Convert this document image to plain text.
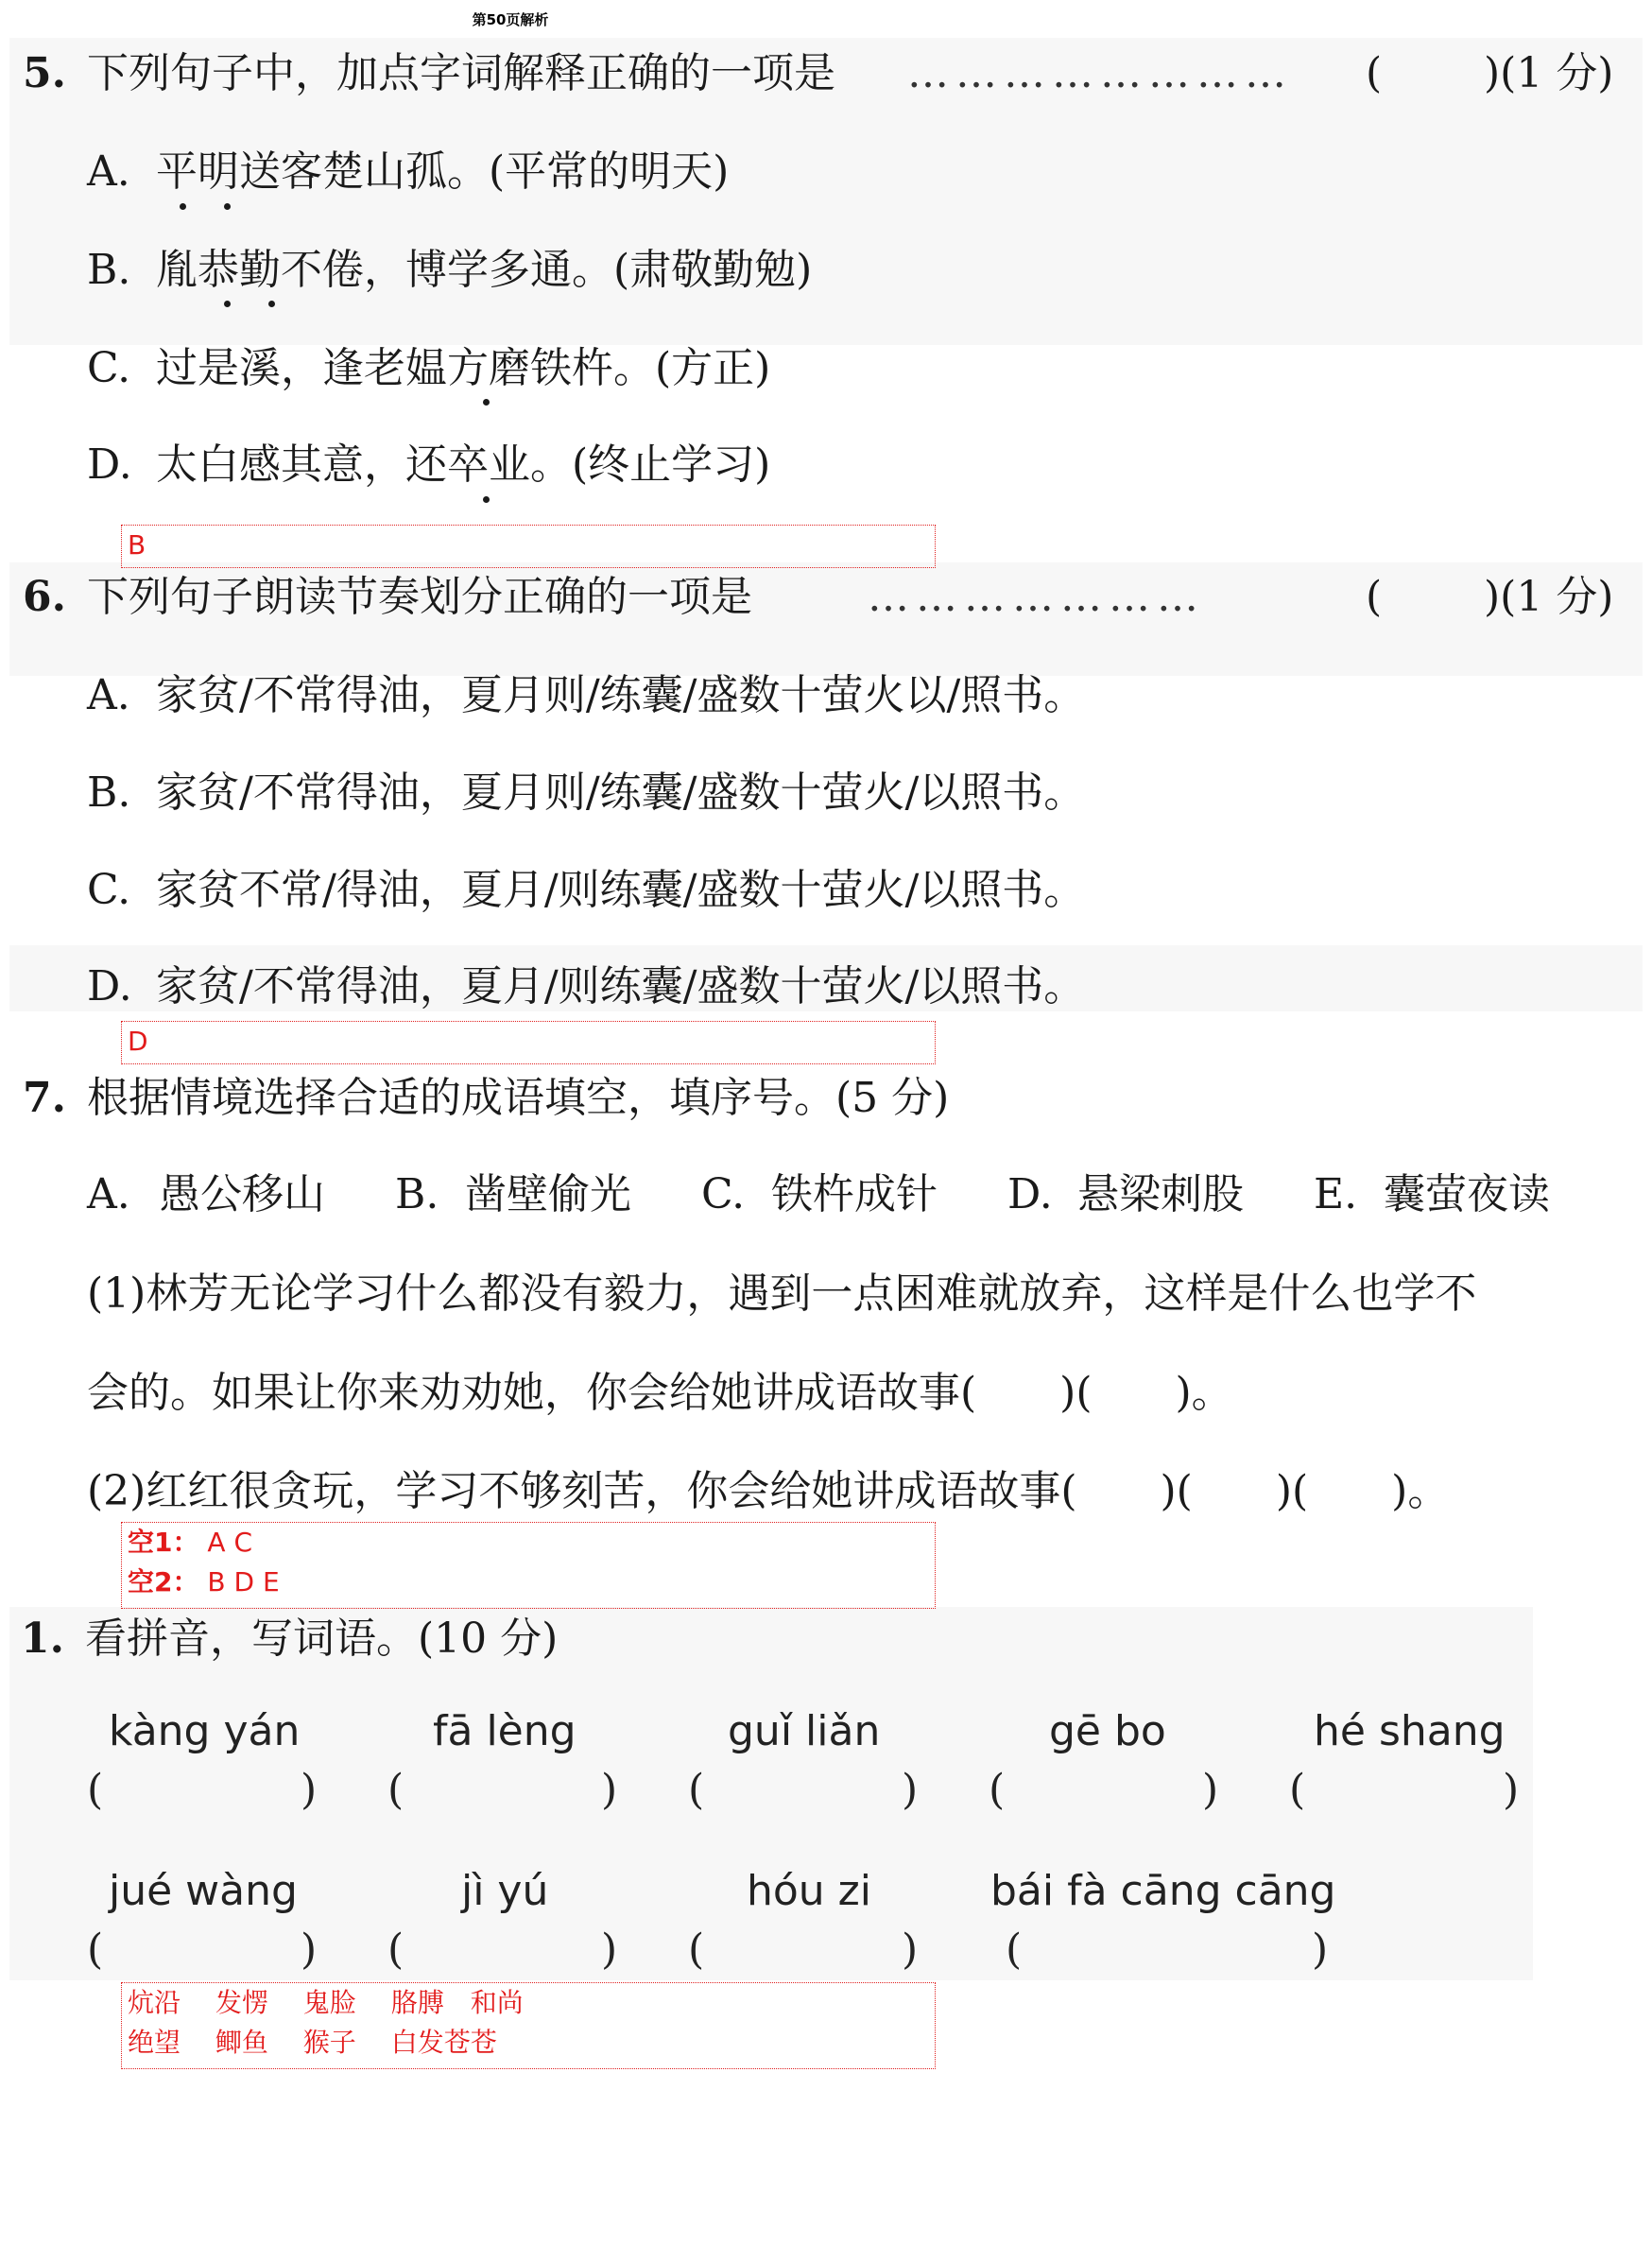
第50页解析
5. 下列句子中，加点字词解释正确的一项是 ……………………	( )(1 分)
A. 平明送客楚山孤。(平常的明天)
B. 胤恭勤不倦，博学多通。(肃敬勤勉)
C. 过是溪，逢老媪方磨铁杵。(方正)
D. 太白感其意，还卒业。(终止学习)
B
6. 下列句子朗读节奏划分正确的一项是	…………………	( )(1 分)
A. 家贫/不常得油，夏月则/练囊/盛数十萤火以/照书。
B. 家贫/不常得油，夏月则/练囊/盛数十萤火/以照书。
C. 家贫不常/得油，夏月/则练囊/盛数十萤火/以照书。
D. 家贫/不常得油，夏月/则练囊/盛数十萤火/以照书。
D
7. 根据情境选择合适的成语填空，填序号。(5 分)
A. 愚公移山 B. 凿壁偷光 C. 铁杵成针 D. 悬梁刺股 E. 囊萤夜读
(1)林芳无论学习什么都没有毅力，遇到一点困难就放弃，这样是什么也学不
会的。如果让你来劝劝她，你会给她讲成语故事(　　)(　　)。
(2)红红很贪玩，学习不够刻苦，你会给她讲成语故事(　　)(　　)(　　)。
空1： A C
空2： B D E
1. 看拼音，写词语。(10 分)
kàng yán	fā lèng	guǐ liǎn	gē bo	hé shang
(	) (	) (	) (	) (	)
jué wàng	jì yú	hóu zi	bái fà cāng cāng
(	) (	) (	) (	)
炕沿　 发愣　 鬼脸　 胳膊　和尚
绝望　 鲫鱼　 猴子　 白发苍苍
